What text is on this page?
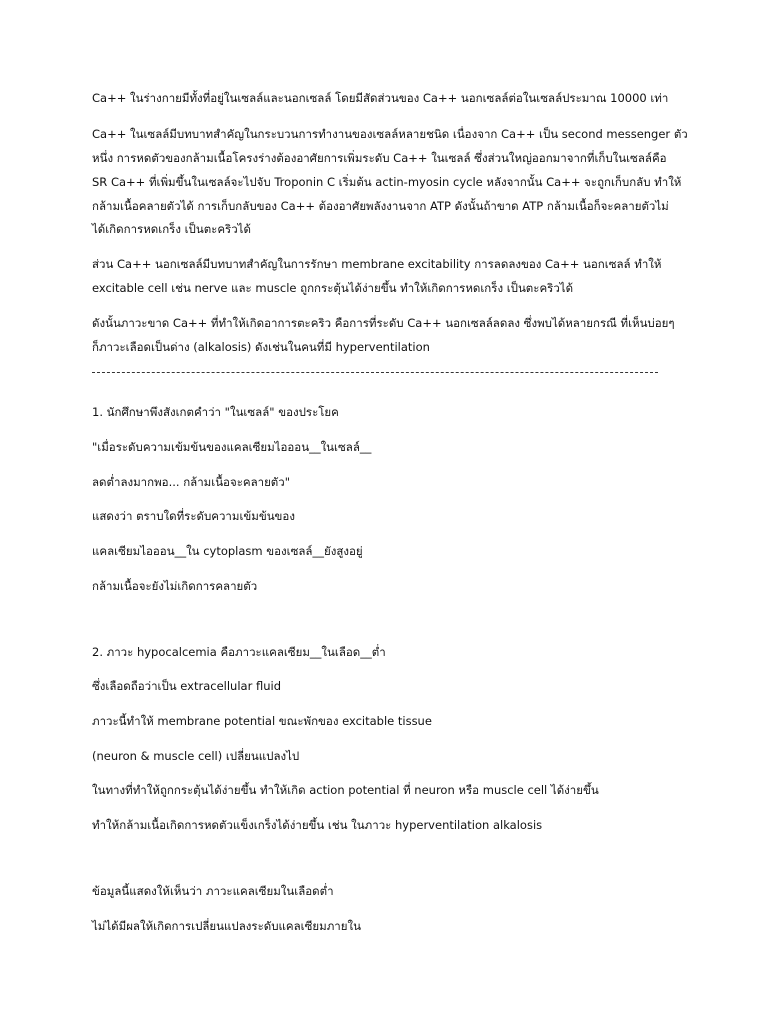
Ca++ ในร่างกายมีทั้งที่อยู่ในเซลล์และนอกเซลล์ โดยมีสัดส่วนของ Ca++ นอกเซลล์ต่อในเซลล์ประมาณ 10000 เท่า
Ca++ ในเซลล์มีบทบาทสำคัญในกระบวนการทำงานของเซลล์หลายชนิด เนื่องจาก Ca++ เป็น second messenger ตัว
หนึ่ง การหดตัวของกล้ามเนื้อโครงร่างต้องอาศัยการเพิ่มระดับ Ca++ ในเซลล์ ซึ่งส่วนใหญ่ออกมาจากที่เก็บในเซลล์คือ
SR Ca++ ที่เพิ่มขึ้นในเซลล์จะไปจับ Troponin C เริ่มต้น actin-myosin cycle หลังจากนั้น Ca++ จะถูกเก็บกลับ ทำให้
กล้ามเนื้อคลายตัวได้ การเก็บกลับของ Ca++ ต้องอาศัยพลังงานจาก ATP ดังนั้นถ้าขาด ATP กล้ามเนื้อก็จะคลายตัวไม่
ได้เกิดการหดเกร็ง เป็นตะคริวได้
ส่วน Ca++ นอกเซลล์มีบทบาทสำคัญในการรักษา membrane excitability การลดลงของ Ca++ นอกเซลล์ ทำให้
excitable cell เช่น nerve และ muscle ถูกกระตุ้นได้ง่ายขึ้น ทำให้เกิดการหดเกร็ง เป็นตะคริวได้
ดังนั้นภาวะขาด Ca++ ที่ทำให้เกิดอาการตะคริว คือการที่ระดับ Ca++ นอกเซลล์ลดลง ซึ่งพบได้หลายกรณี ที่เห็นบ่อยๆ
ก็ภาวะเลือดเป็นด่าง (alkalosis) ดังเช่นในคนที่มี hyperventilation
1. นักศึกษาพึงสังเกตคำว่า "ในเซลล์" ของประโยค
"เมื่อระดับความเข้มข้นของแคลเซียมไอออน__ในเซลล์__
ลดต่ำลงมากพอ... กล้ามเนื้อจะคลายตัว"
แสดงว่า ตราบใดที่ระดับความเข้มข้นของ
แคลเซียมไอออน__ใน cytoplasm ของเซลล์__ยังสูงอยู่
กล้ามเนื้อจะยังไม่เกิดการคลายตัว
2. ภาวะ hypocalcemia คือภาวะแคลเซียม__ในเลือด__ต่ำ
ซึ่งเลือดถือว่าเป็น extracellular fluid
ภาวะนี้ทำให้ membrane potential ขณะพักของ excitable tissue
(neuron & muscle cell) เปลี่ยนแปลงไป
ในทางที่ทำให้ถูกกระตุ้นได้ง่ายขึ้น ทำให้เกิด action potential ที่ neuron หรือ muscle cell ได้ง่ายขึ้น
ทำให้กล้ามเนื้อเกิดการหดตัวแข็งเกร็งได้ง่ายขึ้น เช่น ในภาวะ hyperventilation alkalosis
ข้อมูลนี้แสดงให้เห็นว่า ภาวะแคลเซียมในเลือดต่ำ
ไม่ได้มีผลให้เกิดการเปลี่ยนแปลงระดับแคลเซียมภายใน
